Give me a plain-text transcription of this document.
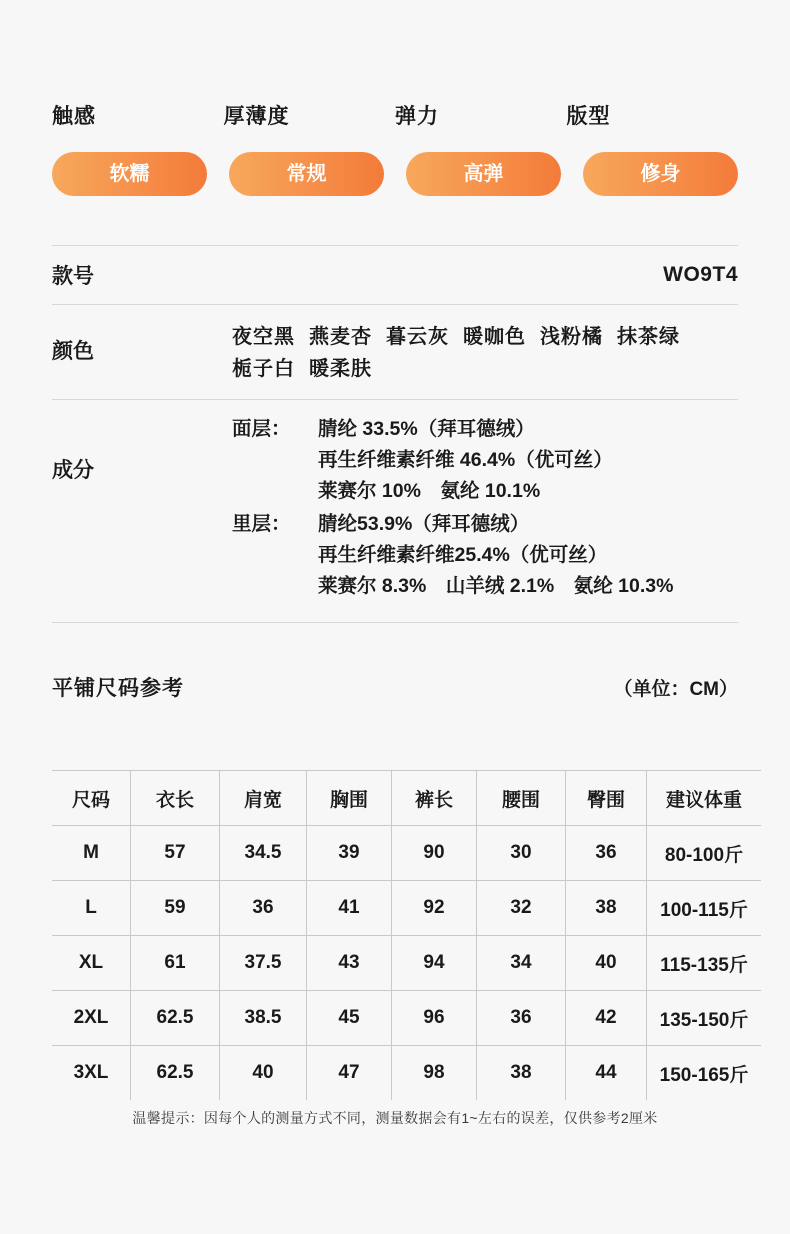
触感	厚薄度	弹力	版型
软糯	常规	高弹	修身
款号	WO9T4
颜色
夜空黑 燕麦杏 暮云灰 暖咖色 浅粉橘 抹茶绿栀子白 暖柔肤
成分
面层：	腈纶 33.5%（拜耳德绒）
再生纤维素纤维 46.4%（优可丝）
莱赛尔 10%　氨纶 10.1%
里层：	腈纶53.9%（拜耳德绒）
再生纤维素纤维25.4%（优可丝）
莱赛尔 8.3%　山羊绒 2.1%　氨纶 10.3%
平铺尺码参考	（单位：CM）
尺码	衣长	肩宽	胸围	裤长	腰围	臀围	建议体重
M	57	34.5	39	90	30	36	80-100斤
L	59	36	41	92	32	38	100-115斤
XL	61	37.5	43	94	34	40	115-135斤
2XL	62.5	38.5	45	96	36	42	135-150斤
3XL	62.5	40	47	98	38	44	150-165斤
温馨提示：因每个人的测量方式不同，测量数据会有1~左右的误差，仅供参考2厘米
